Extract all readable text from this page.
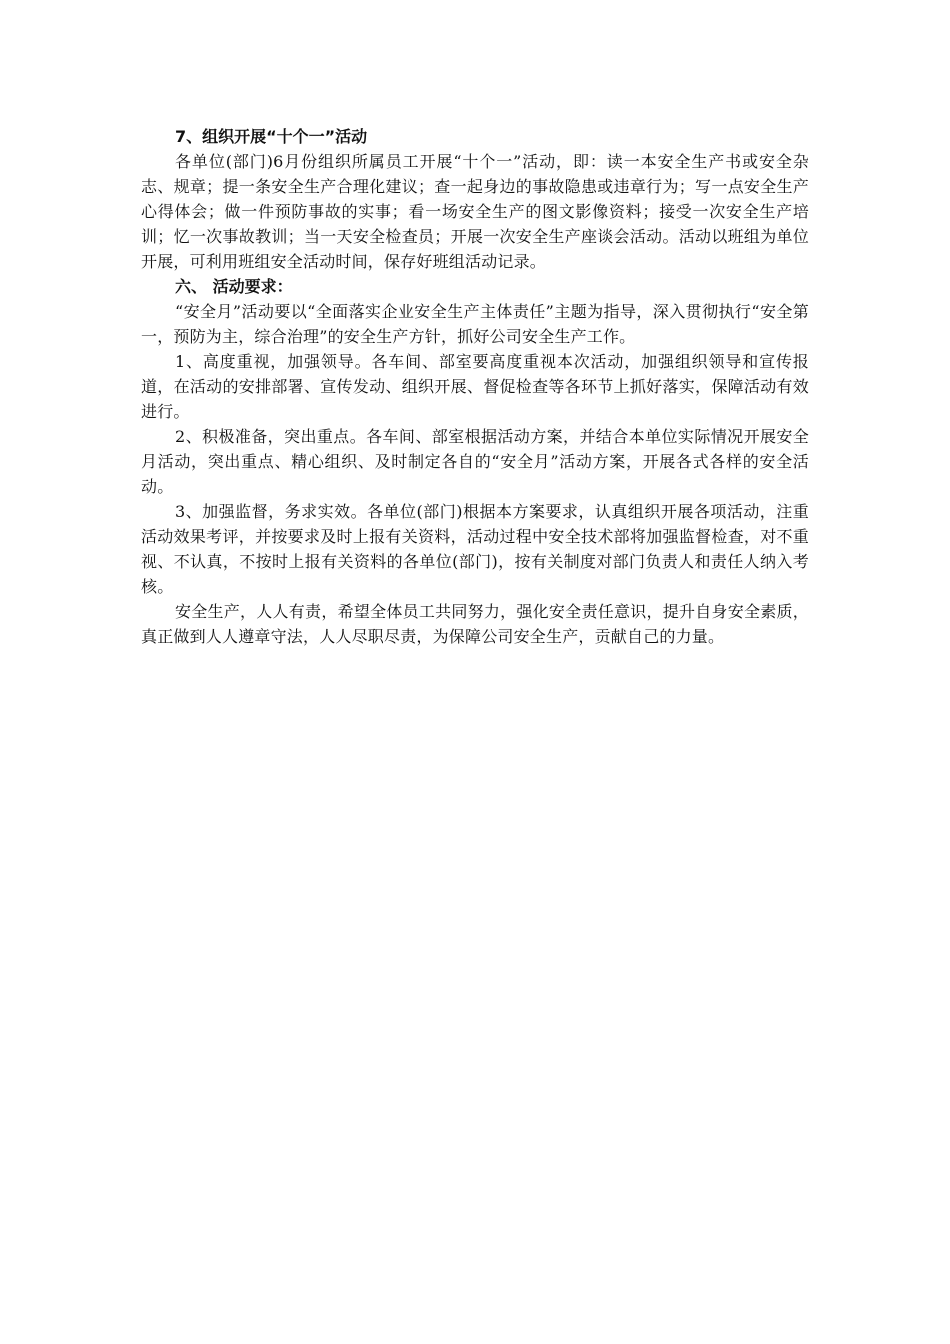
7、组织开展“十个一”活动

各单位(部门)6月份组织所属员工开展“十个一”活动，即：读一本安全生产书或安全杂志、规章；提一条安全生产合理化建议；查一起身边的事故隐患或违章行为；写一点安全生产心得体会；做一件预防事故的实事；看一场安全生产的图文影像资料；接受一次安全生产培训；忆一次事故教训；当一天安全检查员；开展一次安全生产座谈会活动。活动以班组为单位开展，可利用班组安全活动时间，保存好班组活动记录。

六、 活动要求：

“安全月”活动要以“全面落实企业安全生产主体责任”主题为指导，深入贯彻执行“安全第一，预防为主，综合治理”的安全生产方针，抓好公司安全生产工作。

1、高度重视，加强领导。各车间、部室要高度重视本次活动，加强组织领导和宣传报道，在活动的安排部署、宣传发动、组织开展、督促检查等各环节上抓好落实，保障活动有效进行。

2、积极准备，突出重点。各车间、部室根据活动方案，并结合本单位实际情况开展安全月活动，突出重点、精心组织、及时制定各自的“安全月”活动方案，开展各式各样的安全活动。

3、加强监督，务求实效。各单位(部门)根据本方案要求，认真组织开展各项活动，注重活动效果考评，并按要求及时上报有关资料，活动过程中安全技术部将加强监督检查，对不重视、不认真，不按时上报有关资料的各单位(部门)，按有关制度对部门负责人和责任人纳入考核。

安全生产，人人有责，希望全体员工共同努力，强化安全责任意识，提升自身安全素质，真正做到人人遵章守法，人人尽职尽责，为保障公司安全生产，贡献自己的力量。
